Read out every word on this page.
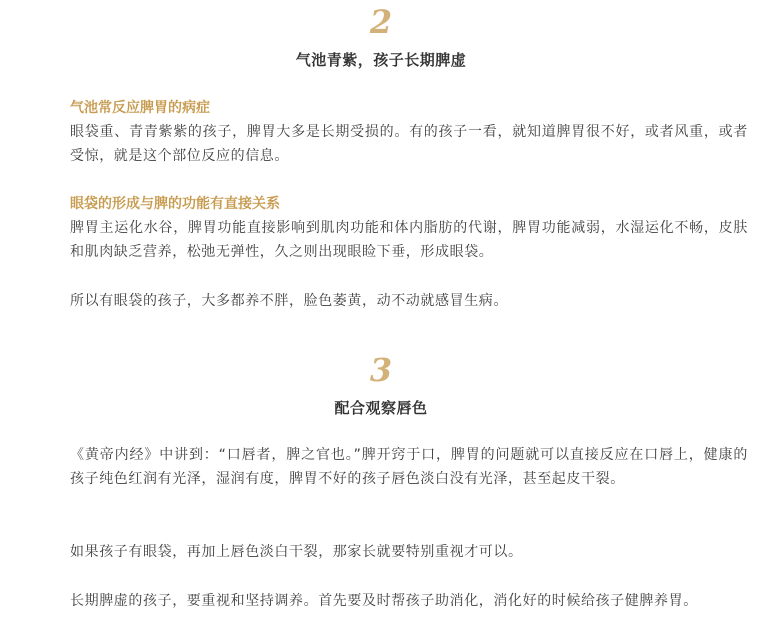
2
气池青紫，孩子长期脾虚
气池常反应脾胃的病症

眼袋重、青青紫紫的孩子，脾胃大多是长期受损的。有的孩子一看，就知道脾胃很不好，或者风重，或者受惊，就是这个部位反应的信息。

眼袋的形成与脾的功能有直接关系

脾胃主运化水谷，脾胃功能直接影响到肌肉功能和体内脂肪的代谢，脾胃功能减弱，水湿运化不畅，皮肤和肌肉缺乏营养，松弛无弹性，久之则出现眼睑下垂，形成眼袋。

所以有眼袋的孩子，大多都养不胖，脸色萎黄，动不动就感冒生病。

3
配合观察唇色

《黄帝内经》中讲到：“口唇者，脾之官也。”脾开窍于口，脾胃的问题就可以直接反应在口唇上，健康的孩子纯色红润有光泽，湿润有度，脾胃不好的孩子唇色淡白没有光泽，甚至起皮干裂。

如果孩子有眼袋，再加上唇色淡白干裂，那家长就要特别重视才可以。

长期脾虚的孩子，要重视和坚持调养。首先要及时帮孩子助消化，消化好的时候给孩子健脾养胃。
